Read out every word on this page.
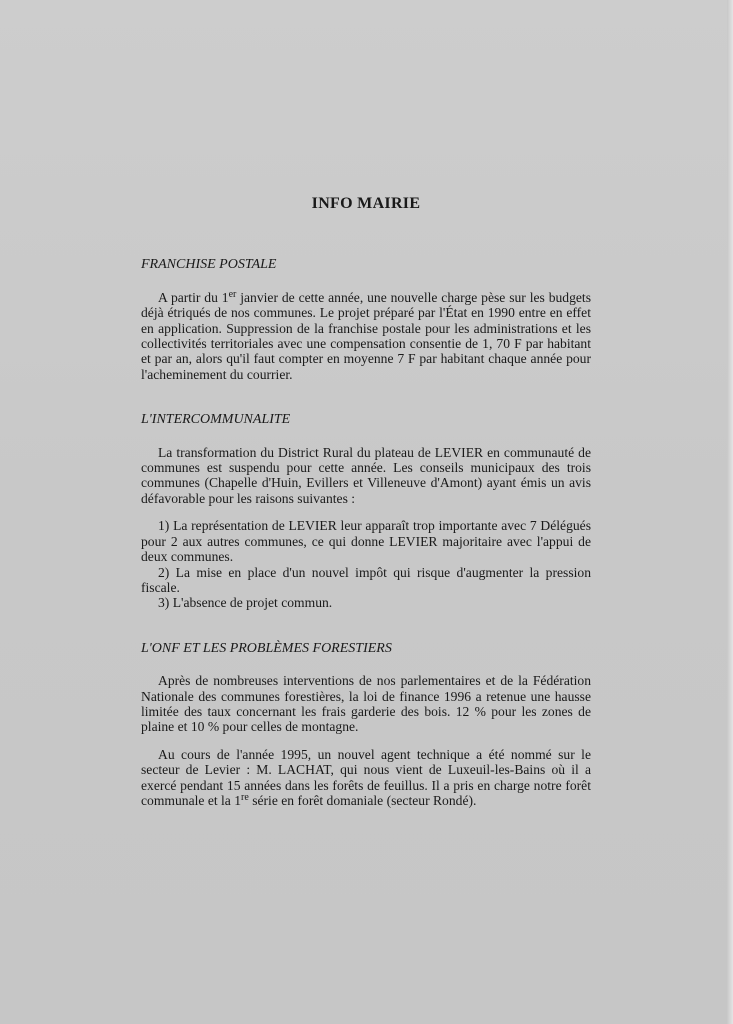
INFO MAIRIE
FRANCHISE POSTALE

A partir du 1er janvier de cette année, une nouvelle charge pèse sur les budgets déjà étriqués de nos communes. Le projet préparé par l'État en 1990 entre en effet en application. Suppression de la franchise postale pour les administrations et les collectivités territoriales avec une compensation consentie de 1, 70 F par habitant et par an, alors qu'il faut compter en moyenne 7 F par habitant chaque année pour l'acheminement du courrier.

L'INTERCOMMUNALITE

La transformation du District Rural du plateau de LEVIER en communauté de communes est suspendu pour cette année. Les conseils municipaux des trois communes (Chapelle d'Huin, Evillers et Villeneuve d'Amont) ayant émis un avis défavorable pour les raisons suivantes :

1) La représentation de LEVIER leur apparaît trop importante avec 7 Délégués pour 2 aux autres communes, ce qui donne LEVIER majoritaire avec l'appui de deux communes.

2) La mise en place d'un nouvel impôt qui risque d'augmenter la pression fiscale.

3) L'absence de projet commun.

L'ONF ET LES PROBLÈMES FORESTIERS

Après de nombreuses interventions de nos parlementaires et de la Fédération Nationale des communes forestières, la loi de finance 1996 a retenue une hausse limitée des taux concernant les frais garderie des bois. 12 % pour les zones de plaine et 10 % pour celles de montagne.

Au cours de l'année 1995, un nouvel agent technique a été nommé sur le secteur de Levier : M. LACHAT, qui nous vient de Luxeuil-les-Bains où il a exercé pendant 15 années dans les forêts de feuillus. Il a pris en charge notre forêt communale et la 1re série en forêt domaniale (secteur Rondé).
